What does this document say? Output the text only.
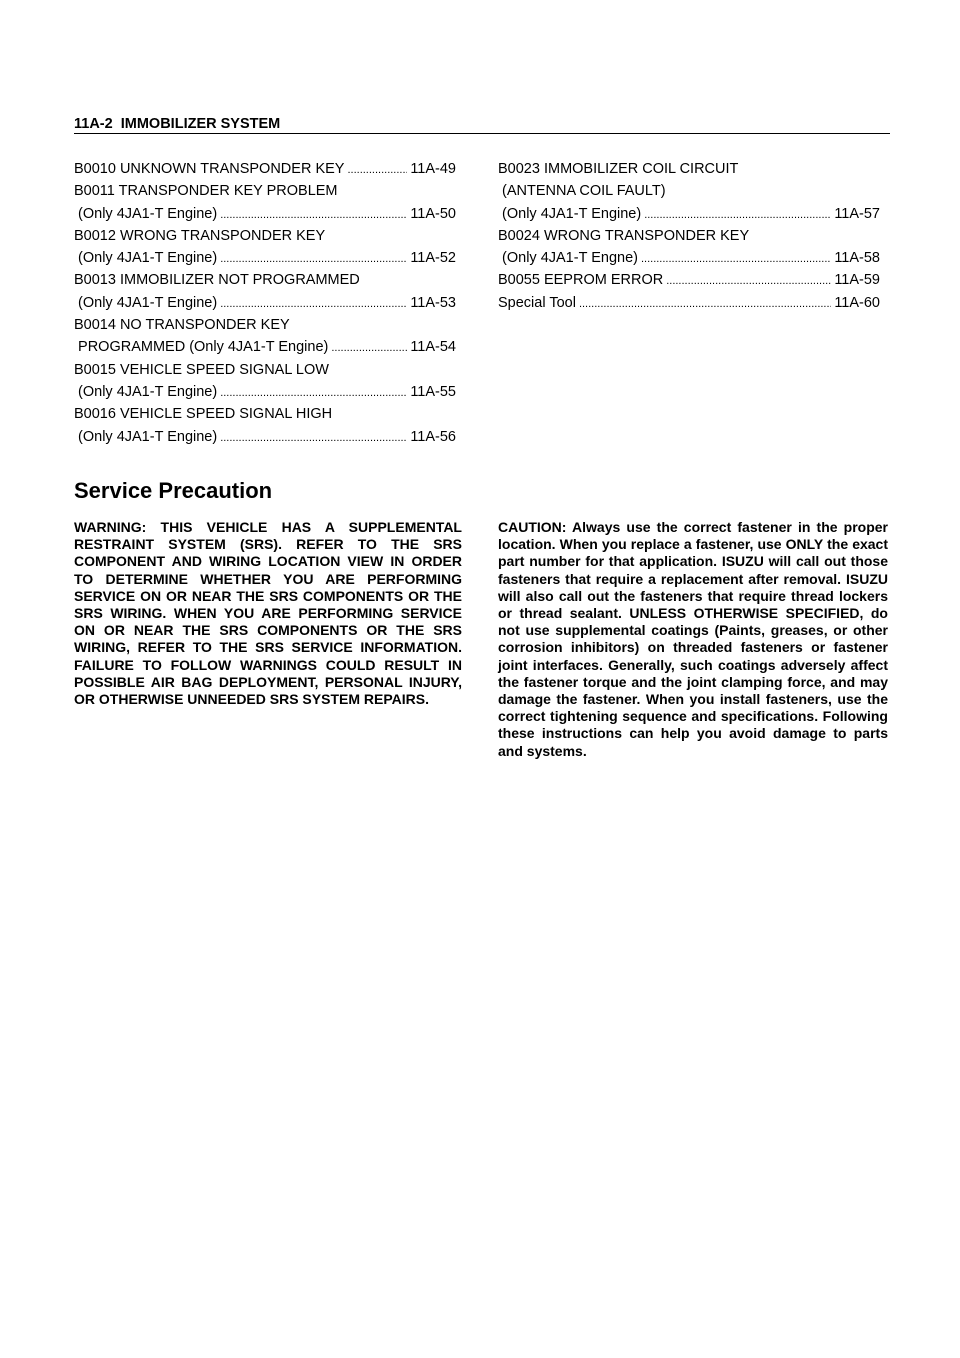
11A-2  IMMOBILIZER SYSTEM
B0010 UNKNOWN TRANSPONDER KEY .....	11A-49
B0011 TRANSPONDER KEY PROBLEM
(Only 4JA1-T Engine) .....	11A-50
B0012 WRONG TRANSPONDER KEY
(Only 4JA1-T Engine) .....	11A-52
B0013 IMMOBILIZER NOT PROGRAMMED
(Only 4JA1-T Engine) .....	11A-53
B0014 NO TRANSPONDER KEY
PROGRAMMED (Only 4JA1-T Engine) .....	11A-54
B0015 VEHICLE SPEED SIGNAL LOW
(Only 4JA1-T Engine) .....	11A-55
B0016 VEHICLE SPEED SIGNAL HIGH
(Only 4JA1-T Engine) .....	11A-56
B0023 IMMOBILIZER COIL CIRCUIT
(ANTENNA COIL FAULT)
(Only 4JA1-T Engine) .....	11A-57
B0024 WRONG TRANSPONDER KEY
(Only 4JA1-T Engne) .....	11A-58
B0055 EEPROM ERROR .....	11A-59
Special Tool .....	11A-60
Service Precaution

WARNING: THIS VEHICLE HAS A SUPPLEMENTAL RESTRAINT SYSTEM (SRS). REFER TO THE SRS COMPONENT AND WIRING LOCATION VIEW IN ORDER TO DETERMINE WHETHER YOU ARE PERFORMING SERVICE ON OR NEAR THE SRS COMPONENTS OR THE SRS WIRING. WHEN YOU ARE PERFORMING SERVICE ON OR NEAR THE SRS COMPONENTS OR THE SRS WIRING, REFER TO THE SRS SERVICE INFORMATION. FAILURE TO FOLLOW WARNINGS COULD RESULT IN POSSIBLE AIR BAG DEPLOYMENT, PERSONAL INJURY, OR OTHERWISE UNNEEDED SRS SYSTEM REPAIRS.

CAUTION: Always use the correct fastener in the proper location. When you replace a fastener, use ONLY the exact part number for that application. ISUZU will call out those fasteners that require a replacement after removal. ISUZU will also call out the fasteners that require thread lockers or thread sealant. UNLESS OTHERWISE SPECIFIED, do not use supplemental coatings (Paints, greases, or other corrosion inhibitors) on threaded fasteners or fastener joint interfaces. Generally, such coatings adversely affect the fastener torque and the joint clamping force, and may damage the fastener. When you install fasteners, use the correct tightening sequence and specifications. Following these instructions can help you avoid damage to parts and systems.
